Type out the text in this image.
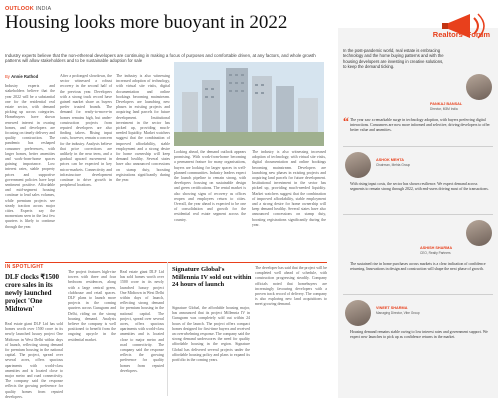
OUTLOOK INDIA
Housing looks more buoyant in 2022

Industry experts believe that the non-ethereal developers are continuing in making a focus of purposes and comfortable driven, at any factors, and whole growth patterns will allow stakeholders and to be sustainable adoption for sale

By Annie Rathod
Industry experts and stakeholders believe that the year 2022 will be a substantial one for the residential real estate sector, with demand picking up across categories. Homebuyers have shown renewed interest in owning homes, and developers are focusing on timely delivery and quality construction. The pandemic has reshaped consumer preferences, with larger homes, better amenities and work-from-home spaces gaining importance. Low interest rates, stable property prices and supportive government policies have kept sentiment positive. Affordable and mid-segment housing continue to lead sales volumes, while premium projects see steady traction across major cities. Experts say the momentum seen in the last few quarters is likely to continue through the year.
After a prolonged slowdown, the sector witnessed a robust recovery in the second half of the previous year. Developers with a strong track record have gained market share as buyers prefer trusted brands. The demand for ready-to-move-in homes remains high, but under-construction projects from reputed developers are also finding takers. Rising input costs, however, remain a concern for the industry. Analysts believe that price corrections are unlikely in the near term, and a gradual upward movement in prices can be expected in key micro-markets. Connectivity and infrastructure development continue to drive growth in peripheral locations.
The industry is also witnessing increased adoption of technology, with virtual site visits, digital documentation and online bookings becoming mainstream. Developers are launching new phases in existing projects and acquiring land parcels for future development. Institutional investment in the sector has picked up, providing much-needed liquidity. Market watchers suggest that the combination of improved affordability, stable employment and a strong desire for home ownership will keep demand healthy. Several states have also announced concessions on stamp duty, boosting registrations significantly during the year.
Looking ahead, the demand outlook appears promising. With work-from-home becoming a permanent feature for many organisations, buyers are looking for larger spaces in well-planned communities. Industry leaders expect the launch pipeline to remain strong, with developers focusing on sustainable design and green certifications. The rental market is also showing signs of recovery as offices reopen and employees return to cities. Overall, the year ahead is expected to be one of consolidation and growth for the residential real estate segment across the country.
The industry is also witnessing increased adoption of technology, with virtual site visits, digital documentation and online bookings becoming mainstream. Developers are launching new phases in existing projects and acquiring land parcels for future development. Institutional investment in the sector has picked up, providing much-needed liquidity. Market watchers suggest that the combination of improved affordability, stable employment and a strong desire for home ownership will keep demand healthy. Several states have also announced concessions on stamp duty, boosting registrations significantly during the year.
IN SPOTLIGHT
DLF clocks ₹1500 crore sales in its newly launched project 'One Midtown'
Real estate giant DLF Ltd has sold homes worth over 1500 crore in its newly launched luxury project One Midtown in West Delhi within days of launch, reflecting strong demand for premium housing in the national capital. The project, spread over several acres, offers spacious apartments with world-class amenities and is located close to major metro and road connectivity. The company said the response reflects the growing preference for quality homes from reputed developers.
The project features high-rise towers with three and four bedroom residences, along with a large central green, clubhouse and retail spaces. DLF plans to launch more projects in the coming quarters across Gurugram and Delhi, riding on the strong housing demand. Analysts believe the company is well positioned to benefit from the ongoing upcycle in the residential market.
Real estate giant DLF Ltd has sold homes worth over 1500 crore in its newly launched luxury project One Midtown in West Delhi within days of launch, reflecting strong demand for premium housing in the national capital. The project, spread over several acres, offers spacious apartments with world-class amenities and is located close to major metro and road connectivity. The company said the response reflects the growing preference for quality homes from reputed developers.
Signature Global's Millennia IV sold out within 24 hours of launch
Signature Global, the affordable housing major, has announced that its project Millennia IV in Gurugram was completely sold out within 24 hours of the launch. The project offers compact homes designed for first-time buyers and received an overwhelming response. The company said the strong demand underscores the need for quality affordable housing in the region. Signature Global has delivered several projects under the affordable housing policy and plans to expand its portfolio in the coming years.
The developer has said that the project will be completed well ahead of schedule, with construction progressing steadily. Company officials noted that homebuyers are increasingly favouring developers with a proven track record of delivery. The company is also exploring new land acquisitions to meet growing demand.
Realtors' Forum
In the post-pandemic world, real estate is embracing technology and the home buying patterns and with the housing developers are investing in creative solutions, to keep the demand ticking.
PANKAJ BANSAL
Director, M3M India
“ The year saw a remarkable surge in technology adoption, with buyers preferring digital interactions. Consumers are now more informed and selective, driving developers to offer better value and amenities.
ASHOK MEHTA
Chairman, Mehta Group
With rising input costs, the sector has shown resilience. We expect demand across segments to remain strong through 2022, with end-users driving most of the transactions.
ASHISH SHARMA
CEO, Realty Partners
The sustained rise in home purchases across markets is a clear indication of confidence returning. Innovations in design and construction will shape the next phase of growth.
VINEET SHARMA
Managing Director, Vibe Group
Housing demand remains stable owing to low interest rates and government support. We expect new launches to pick up as confidence returns in the market.
